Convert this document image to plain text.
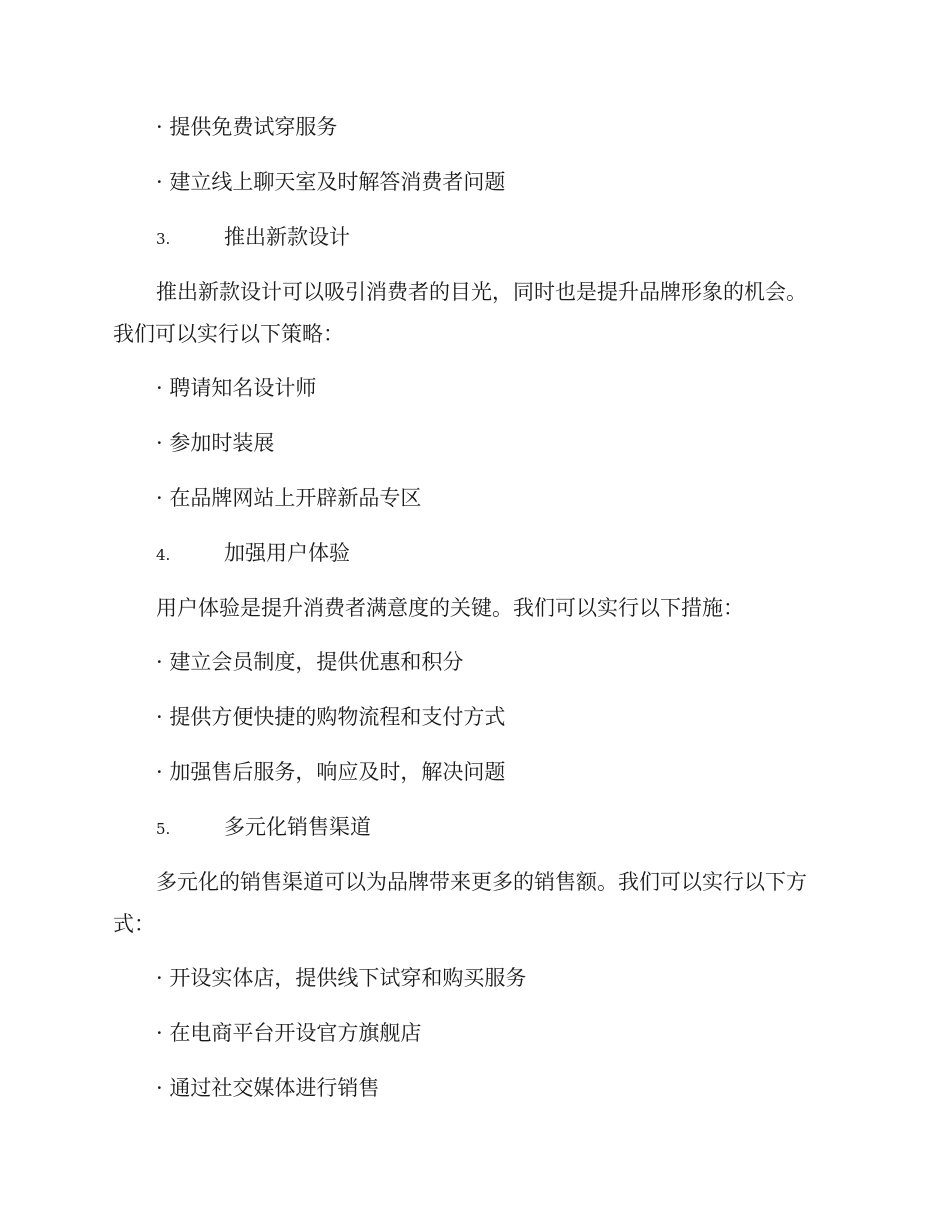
· 提供免费试穿服务
· 建立线上聊天室及时解答消费者问题
3.	推出新款设计
推出新款设计可以吸引消费者的目光，同时也是提升品牌形象的机会。
我们可以实行以下策略：
· 聘请知名设计师
· 参加时装展
· 在品牌网站上开辟新品专区
4.	加强用户体验
用户体验是提升消费者满意度的关键。我们可以实行以下措施：
· 建立会员制度，提供优惠和积分
· 提供方便快捷的购物流程和支付方式
· 加强售后服务，响应及时，解决问题
5.	多元化销售渠道
多元化的销售渠道可以为品牌带来更多的销售额。我们可以实行以下方
式：
· 开设实体店，提供线下试穿和购买服务
· 在电商平台开设官方旗舰店
· 通过社交媒体进行销售
